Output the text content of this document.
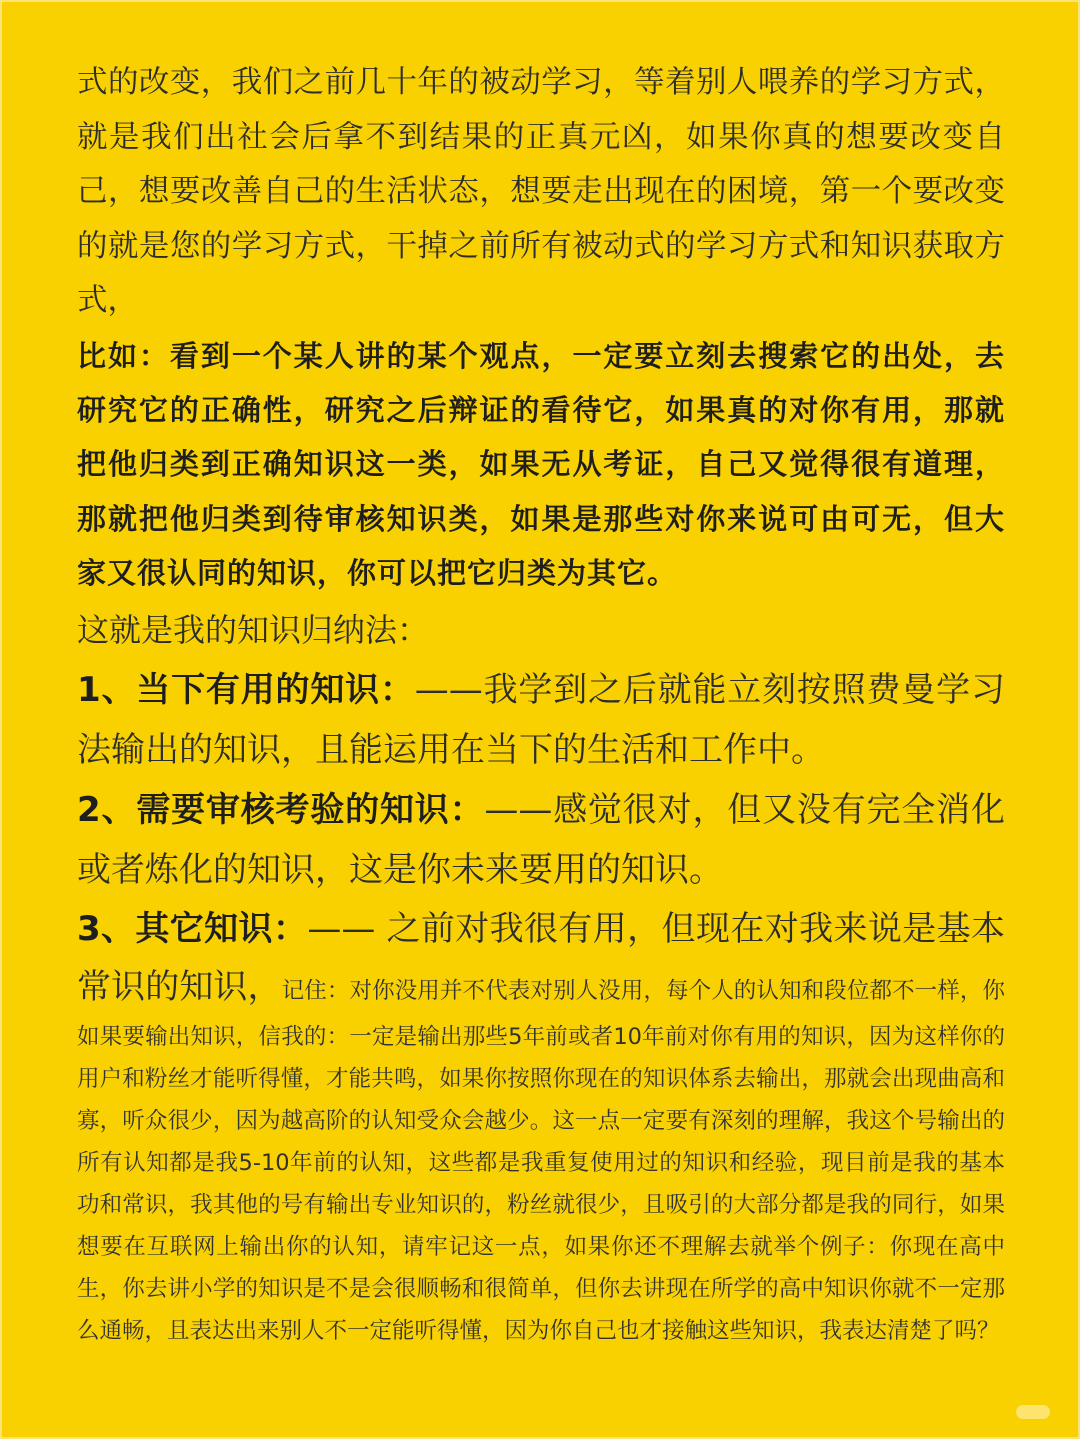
式的改变，我们之前几十年的被动学习，等着别人喂养的学习方式，就是我们出社会后拿不到结果的正真元凶，如果你真的想要改变自己，想要改善自己的生活状态，想要走出现在的困境，第一个要改变的就是您的学习方式，干掉之前所有被动式的学习方式和知识获取方式，

比如：看到一个某人讲的某个观点，一定要立刻去搜索它的出处，去研究它的正确性，研究之后辩证的看待它，如果真的对你有用，那就把他归类到正确知识这一类，如果无从考证，自己又觉得很有道理，那就把他归类到待审核知识类，如果是那些对你来说可由可无，但大家又很认同的知识，你可以把它归类为其它。

这就是我的知识归纳法：

1、当下有用的知识：——我学到之后就能立刻按照费曼学习法输出的知识，且能运用在当下的生活和工作中。

2、需要审核考验的知识：——感觉很对，但又没有完全消化或者炼化的知识，这是你未来要用的知识。

3、其它知识：—— 之前对我很有用，但现在对我来说是基本常识的知识，记住：对你没用并不代表对别人没用，每个人的认知和段位都不一样，你如果要输出知识，信我的：一定是输出那些5年前或者10年前对你有用的知识，因为这样你的用户和粉丝才能听得懂，才能共鸣，如果你按照你现在的知识体系去输出，那就会出现曲高和寡，听众很少，因为越高阶的认知受众会越少。这一点一定要有深刻的理解，我这个号输出的所有认知都是我5-10年前的认知，这些都是我重复使用过的知识和经验，现目前是我的基本功和常识，我其他的号有输出专业知识的，粉丝就很少，且吸引的大部分都是我的同行，如果想要在互联网上输出你的认知，请牢记这一点，如果你还不理解去就举个例子：你现在高中生，你去讲小学的知识是不是会很顺畅和很简单，但你去讲现在所学的高中知识你就不一定那么通畅，且表达出来别人不一定能听得懂，因为你自己也才接触这些知识，我表达清楚了吗？
